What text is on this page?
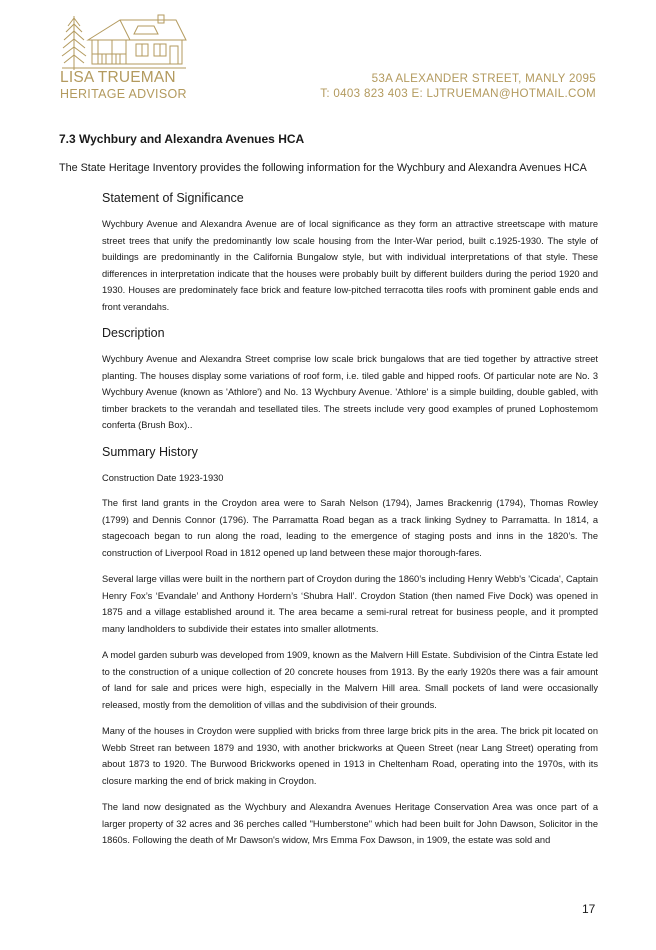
LISA TRUEMAN
HERITAGE ADVISOR
53A ALEXANDER STREET, MANLY 2095
T: 0403 823 403 E: LJTRUEMAN@HOTMAIL.COM
7.3 Wychbury and Alexandra Avenues HCA
The State Heritage Inventory provides the following information for the Wychbury and Alexandra Avenues HCA
Statement of Significance

Wychbury Avenue and Alexandra Avenue are of local significance as they form an attractive streetscape with mature street trees that unify the predominantly low scale housing from the Inter-War period, built c.1925-1930. The style of buildings are predominantly in the California Bungalow style, but with individual interpretations of that style. These differences in interpretation indicate that the houses were probably built by different builders during the period 1920 and 1930. Houses are predominately face brick and feature low-pitched terracotta tiles roofs with prominent gable ends and front verandahs.

Description

Wychbury Avenue and Alexandra Street comprise low scale brick bungalows that are tied together by attractive street planting. The houses display some variations of roof form, i.e. tiled gable and hipped roofs. Of particular note are No. 3 Wychbury Avenue (known as 'Athlore') and No. 13 Wychbury Avenue. 'Athlore' is a simple building, double gabled, with timber brackets to the verandah and tesellated tiles. The streets include very good examples of pruned Lophostemom conferta (Brush Box)..

Summary History

Construction Date 1923-1930

The first land grants in the Croydon area were to Sarah Nelson (1794), James Brackenrig (1794), Thomas Rowley (1799) and Dennis Connor (1796). The Parramatta Road began as a track linking Sydney to Parramatta. In 1814, a stagecoach began to run along the road, leading to the emergence of staging posts and inns in the 1820’s. The construction of Liverpool Road in 1812 opened up land between these major thorough-fares.

Several large villas were built in the northern part of Croydon during the 1860’s including Henry Webb's 'Cicada', Captain Henry Fox’s ‘Evandale’ and Anthony Hordern’s ‘Shubra Hall’. Croydon Station (then named Five Dock) was opened in 1875 and a village established around it. The area became a semi-rural retreat for business people, and it prompted many landholders to subdivide their estates into smaller allotments.

A model garden suburb was developed from 1909, known as the Malvern Hill Estate. Subdivision of the Cintra Estate led to the construction of a unique collection of 20 concrete houses from 1913. By the early 1920s there was a fair amount of land for sale and prices were high, especially in the Malvern Hill area. Small pockets of land were occasionally released, mostly from the demolition of villas and the subdivision of their grounds.

Many of the houses in Croydon were supplied with bricks from three large brick pits in the area. The brick pit located on Webb Street ran between 1879 and 1930, with another brickworks at Queen Street (near Lang Street) operating from about 1873 to 1920. The Burwood Brickworks opened in 1913 in Cheltenham Road, operating into the 1970s, with its closure marking the end of brick making in Croydon.

The land now designated as the Wychbury and Alexandra Avenues Heritage Conservation Area was once part of a larger property of 32 acres and 36 perches called "Humberstone" which had been built for John Dawson, Solicitor in the 1860s. Following the death of Mr Dawson's widow, Mrs Emma Fox Dawson, in 1909, the estate was sold and

17
